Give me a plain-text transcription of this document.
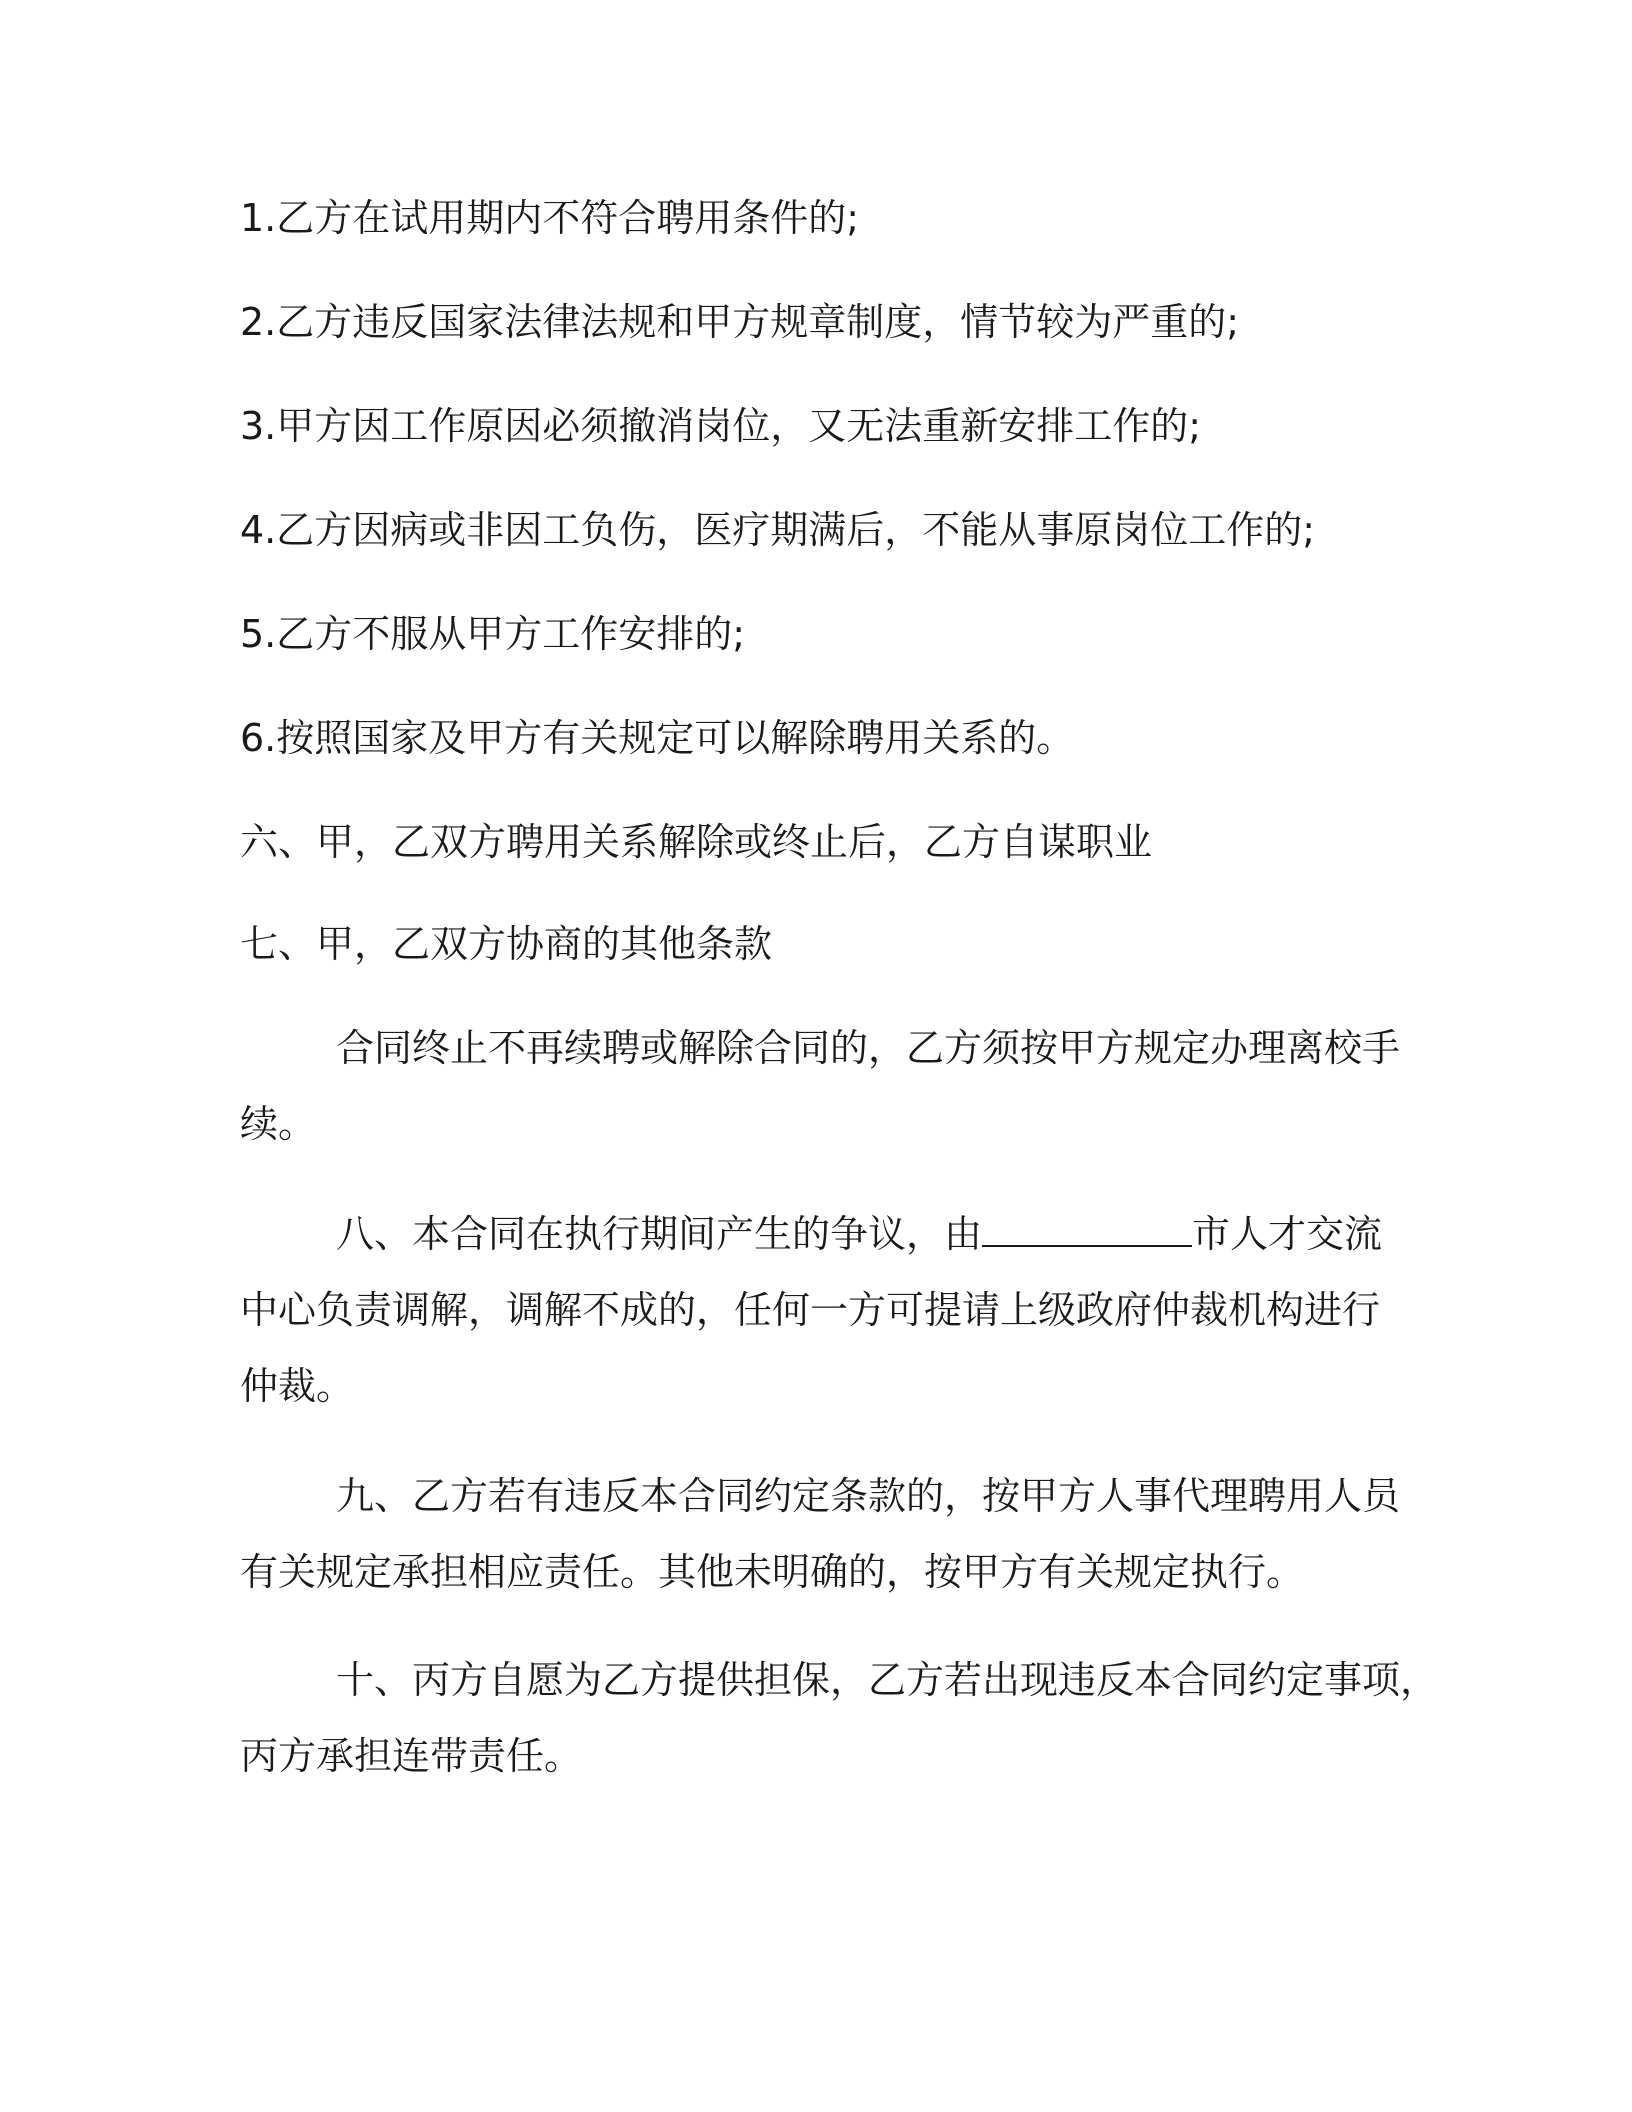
1.乙方在试用期内不符合聘用条件的;

2.乙方违反国家法律法规和甲方规章制度，情节较为严重的;

3.甲方因工作原因必须撤消岗位，又无法重新安排工作的;

4.乙方因病或非因工负伤，医疗期满后，不能从事原岗位工作的;

5.乙方不服从甲方工作安排的;

6.按照国家及甲方有关规定可以解除聘用关系的。

六、甲，乙双方聘用关系解除或终止后，乙方自谋职业

七、甲，乙双方协商的其他条款

合同终止不再续聘或解除合同的，乙方须按甲方规定办理离校手
续。
八、本合同在执行期间产生的争议，由	市人才交流
中心负责调解，调解不成的，任何一方可提请上级政府仲裁机构进行
仲裁。
九、乙方若有违反本合同约定条款的，按甲方人事代理聘用人员
有关规定承担相应责任。其他未明确的，按甲方有关规定执行。
十、丙方自愿为乙方提供担保，乙方若出现违反本合同约定事项，
丙方承担连带责任。
